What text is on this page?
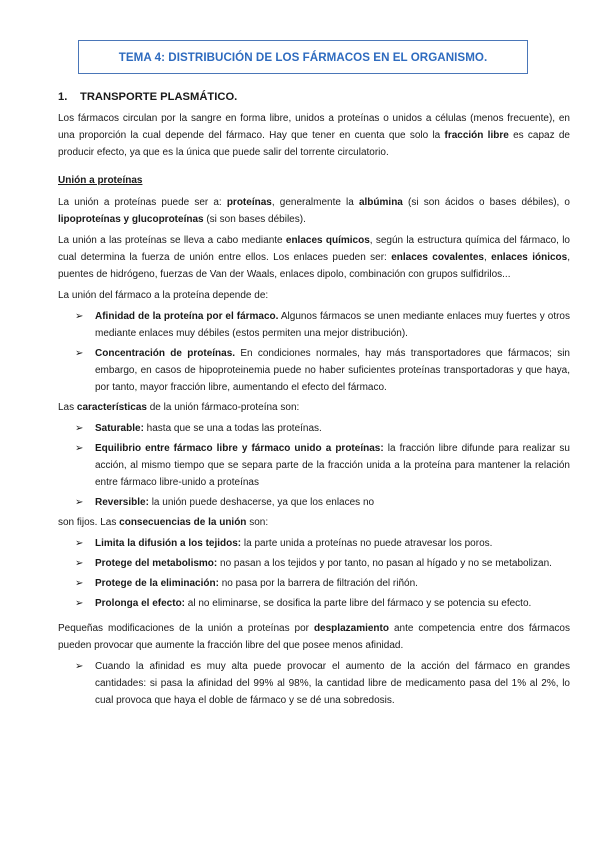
TEMA 4: DISTRIBUCIÓN DE LOS FÁRMACOS EN EL ORGANISMO.
1. TRANSPORTE PLASMÁTICO.

Los fármacos circulan por la sangre en forma libre, unidos a proteínas o unidos a células (menos frecuente), en una proporción la cual depende del fármaco. Hay que tener en cuenta que solo la fracción libre es capaz de producir efecto, ya que es la única que puede salir del torrente circulatorio.

Unión a proteínas

La unión a proteínas puede ser a: proteínas, generalmente la albúmina (si son ácidos o bases débiles), o lipoproteínas y glucoproteínas (si son bases débiles).

La unión a las proteínas se lleva a cabo mediante enlaces químicos, según la estructura química del fármaco, lo cual determina la fuerza de unión entre ellos. Los enlaces pueden ser: enlaces covalentes, enlaces iónicos, puentes de hidrógeno, fuerzas de Van der Waals, enlaces dipolo, combinación con grupos sulfidrilos...

La unión del fármaco a la proteína depende de:

➢ Afinidad de la proteína por el fármaco. Algunos fármacos se unen mediante enlaces muy fuertes y otros mediante enlaces muy débiles (estos permiten una mejor distribución).
➢ Concentración de proteínas. En condiciones normales, hay más transportadores que fármacos; sin embargo, en casos de hipoproteinemia puede no haber suficientes proteínas transportadoras y que haya, por tanto, mayor fracción libre, aumentando el efecto del fármaco.

Las características de la unión fármaco-proteína son:

➢ Saturable: hasta que se una a todas las proteínas.
➢ Equilibrio entre fármaco libre y fármaco unido a proteínas: la fracción libre difunde para realizar su acción, al mismo tiempo que se separa parte de la fracción unida a la proteína para mantener la relación entre fármaco libre-unido a proteínas
➢ Reversible: la unión puede deshacerse, ya que los enlaces no

son fijos. Las consecuencias de la unión son:

➢ Limita la difusión a los tejidos: la parte unida a proteínas no puede atravesar los poros.
➢ Protege del metabolismo: no pasan a los tejidos y por tanto, no pasan al hígado y no se metabolizan.
➢ Protege de la eliminación: no pasa por la barrera de filtración del riñón.
➢ Prolonga el efecto: al no eliminarse, se dosifica la parte libre del fármaco y se potencia su efecto.

Pequeñas modificaciones de la unión a proteínas por desplazamiento ante competencia entre dos fármacos pueden provocar que aumente la fracción libre del que posee menos afinidad.

➢ Cuando la afinidad es muy alta puede provocar el aumento de la acción del fármaco en grandes cantidades: si pasa la afinidad del 99% al 98%, la cantidad libre de medicamento pasa del 1% al 2%, lo cual provoca que haya el doble de fármaco y se dé una sobredosis.
